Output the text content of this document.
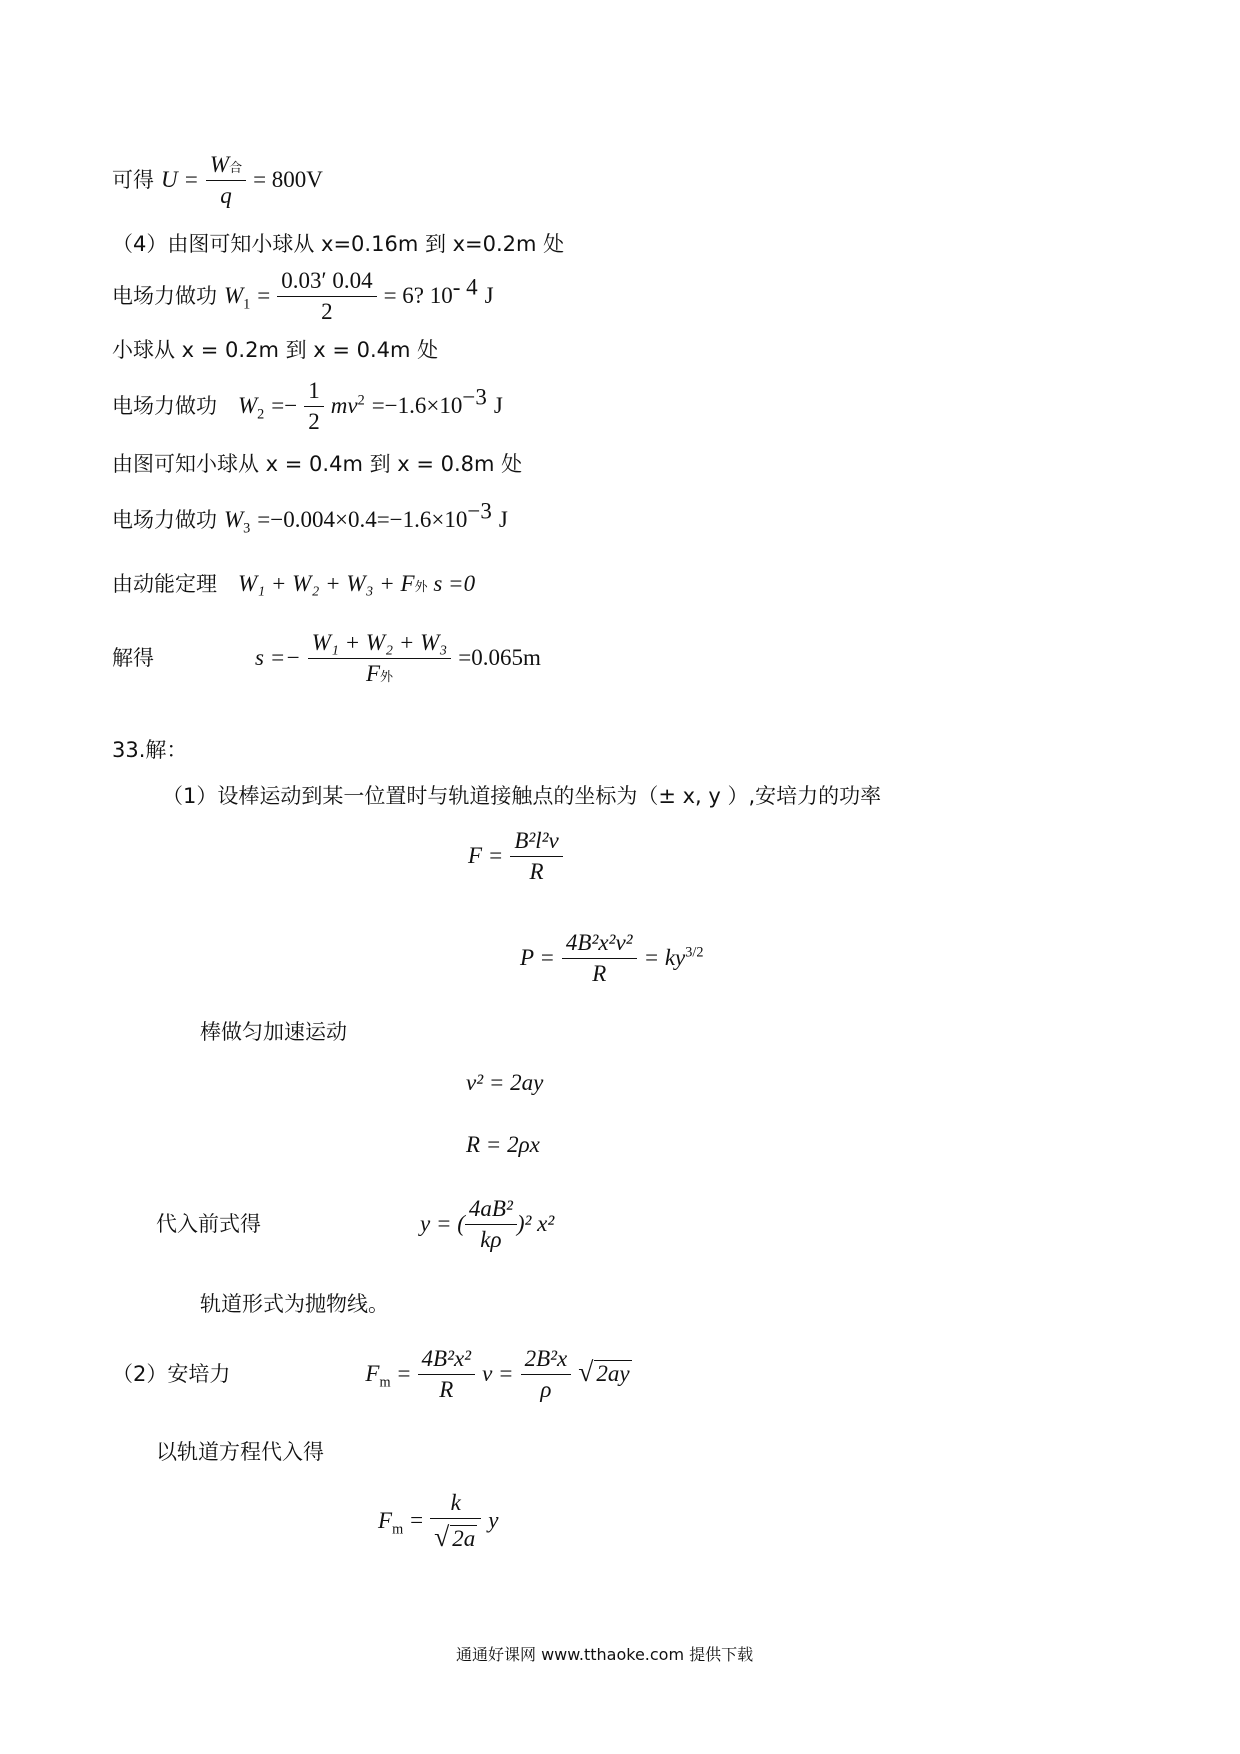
可得 $U = \frac{\text{W合}}{q} = 800V$
（4）由图可知小球从 x=0.16m 到 x=0.2m 处
电场力做功 $W_1 = \frac{\text{0.03ʹ 0.04}}{2} = 6$? $10^{- 4}$ J
小球从 x = 0.2m 到 x = 0.4m 处
电场力做功 $W_2 =- \frac{1}{2} mv^2 =-1.6\times 10^{-3}$ J
由图可知小球从 x = 0.4m 到 x = 0.8m 处
电场力做功 $W_3 =-0.004\times 0.4=-1.6\times 10^{-3}$ J
由动能定理 W₁ + W₂ + W₃ + F外 s =0
解得	$s =- \frac{\text{W₁ + W₂ + W₃}}{\text{F外}} =0.065m$
33.解：
（1）设棒运动到某一位置时与轨道接触点的坐标为（± x, y ）,安培力的功率
$F = \frac{\text{B²l²v}}{R}$
$P = \frac{\text{4B²x²v²}}{R} = ky^{3/2}$
棒做匀加速运动
v² = 2ay
R = 2ρx
代入前式得	y = ( $\frac{\text{4aB²}}{k\rho} )^2$ x²
轨道形式为抛物线。
（2）安培力	$F_m = \frac{\text{4B²x²}}{R}$ $v = \frac{\text{2B²x}}{\rho}$ √ 2ay
以轨道方程代入得
$F_m = \frac{k}{√ 2a}$ y
通通好课网 www.tthaoke.com 提供下载
